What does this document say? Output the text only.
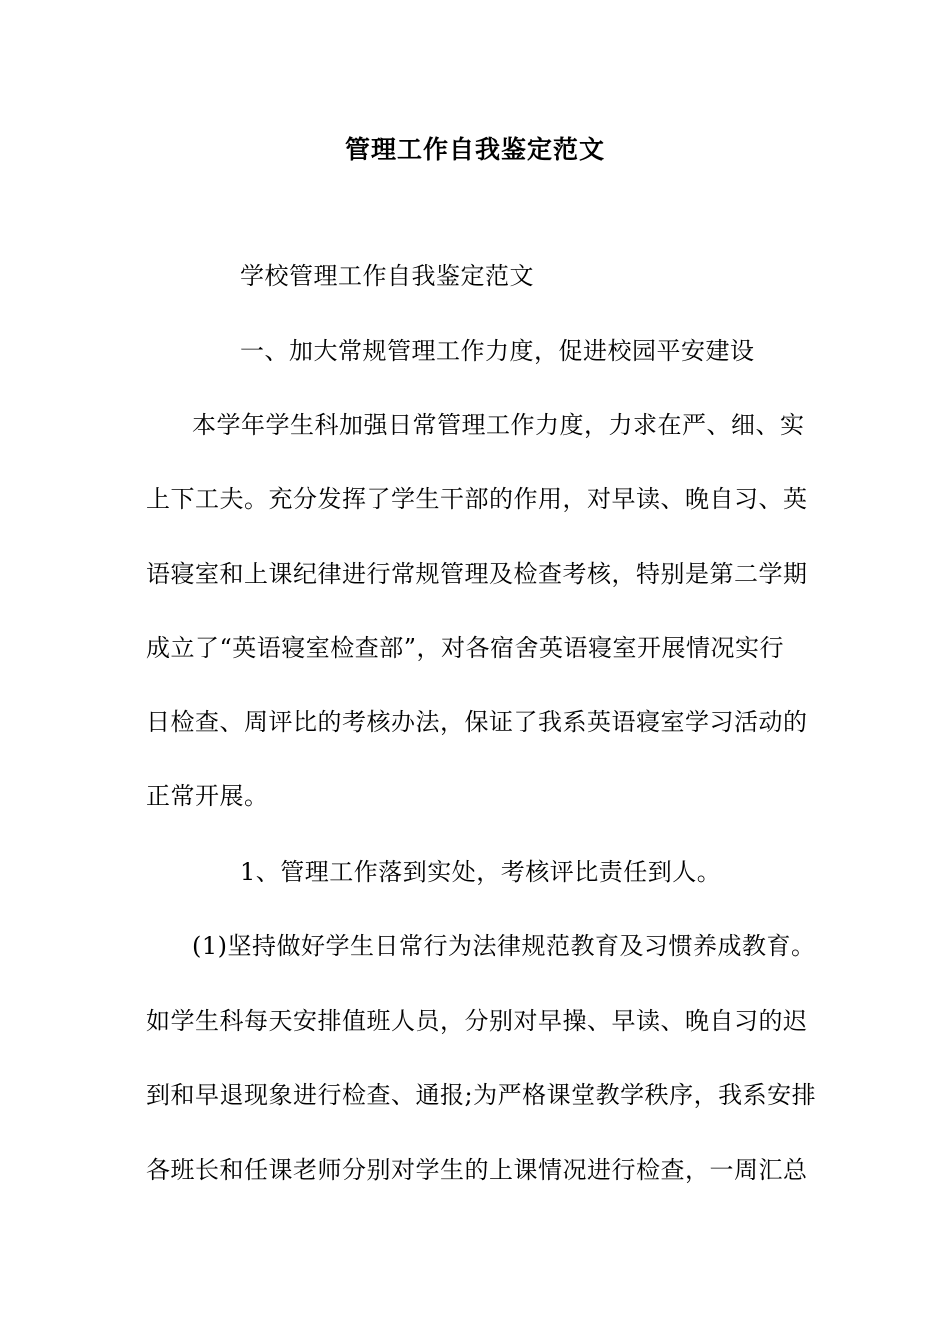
管理工作自我鉴定范文
学校管理工作自我鉴定范文
一、加大常规管理工作力度，促进校园平安建设
本学年学生科加强日常管理工作力度，力求在严、细、实
上下工夫。充分发挥了学生干部的作用，对早读、晚自习、英
语寝室和上课纪律进行常规管理及检查考核，特别是第二学期
成立了“英语寝室检查部”，对各宿舍英语寝室开展情况实行
日检查、周评比的考核办法，保证了我系英语寝室学习活动的
正常开展。
1、管理工作落到实处，考核评比责任到人。
(1)坚持做好学生日常行为法律规范教育及习惯养成教育。
如学生科每天安排值班人员，分别对早操、早读、晚自习的迟
到和早退现象进行检查、通报;为严格课堂教学秩序，我系安排
各班长和任课老师分别对学生的上课情况进行检查，一周汇总
